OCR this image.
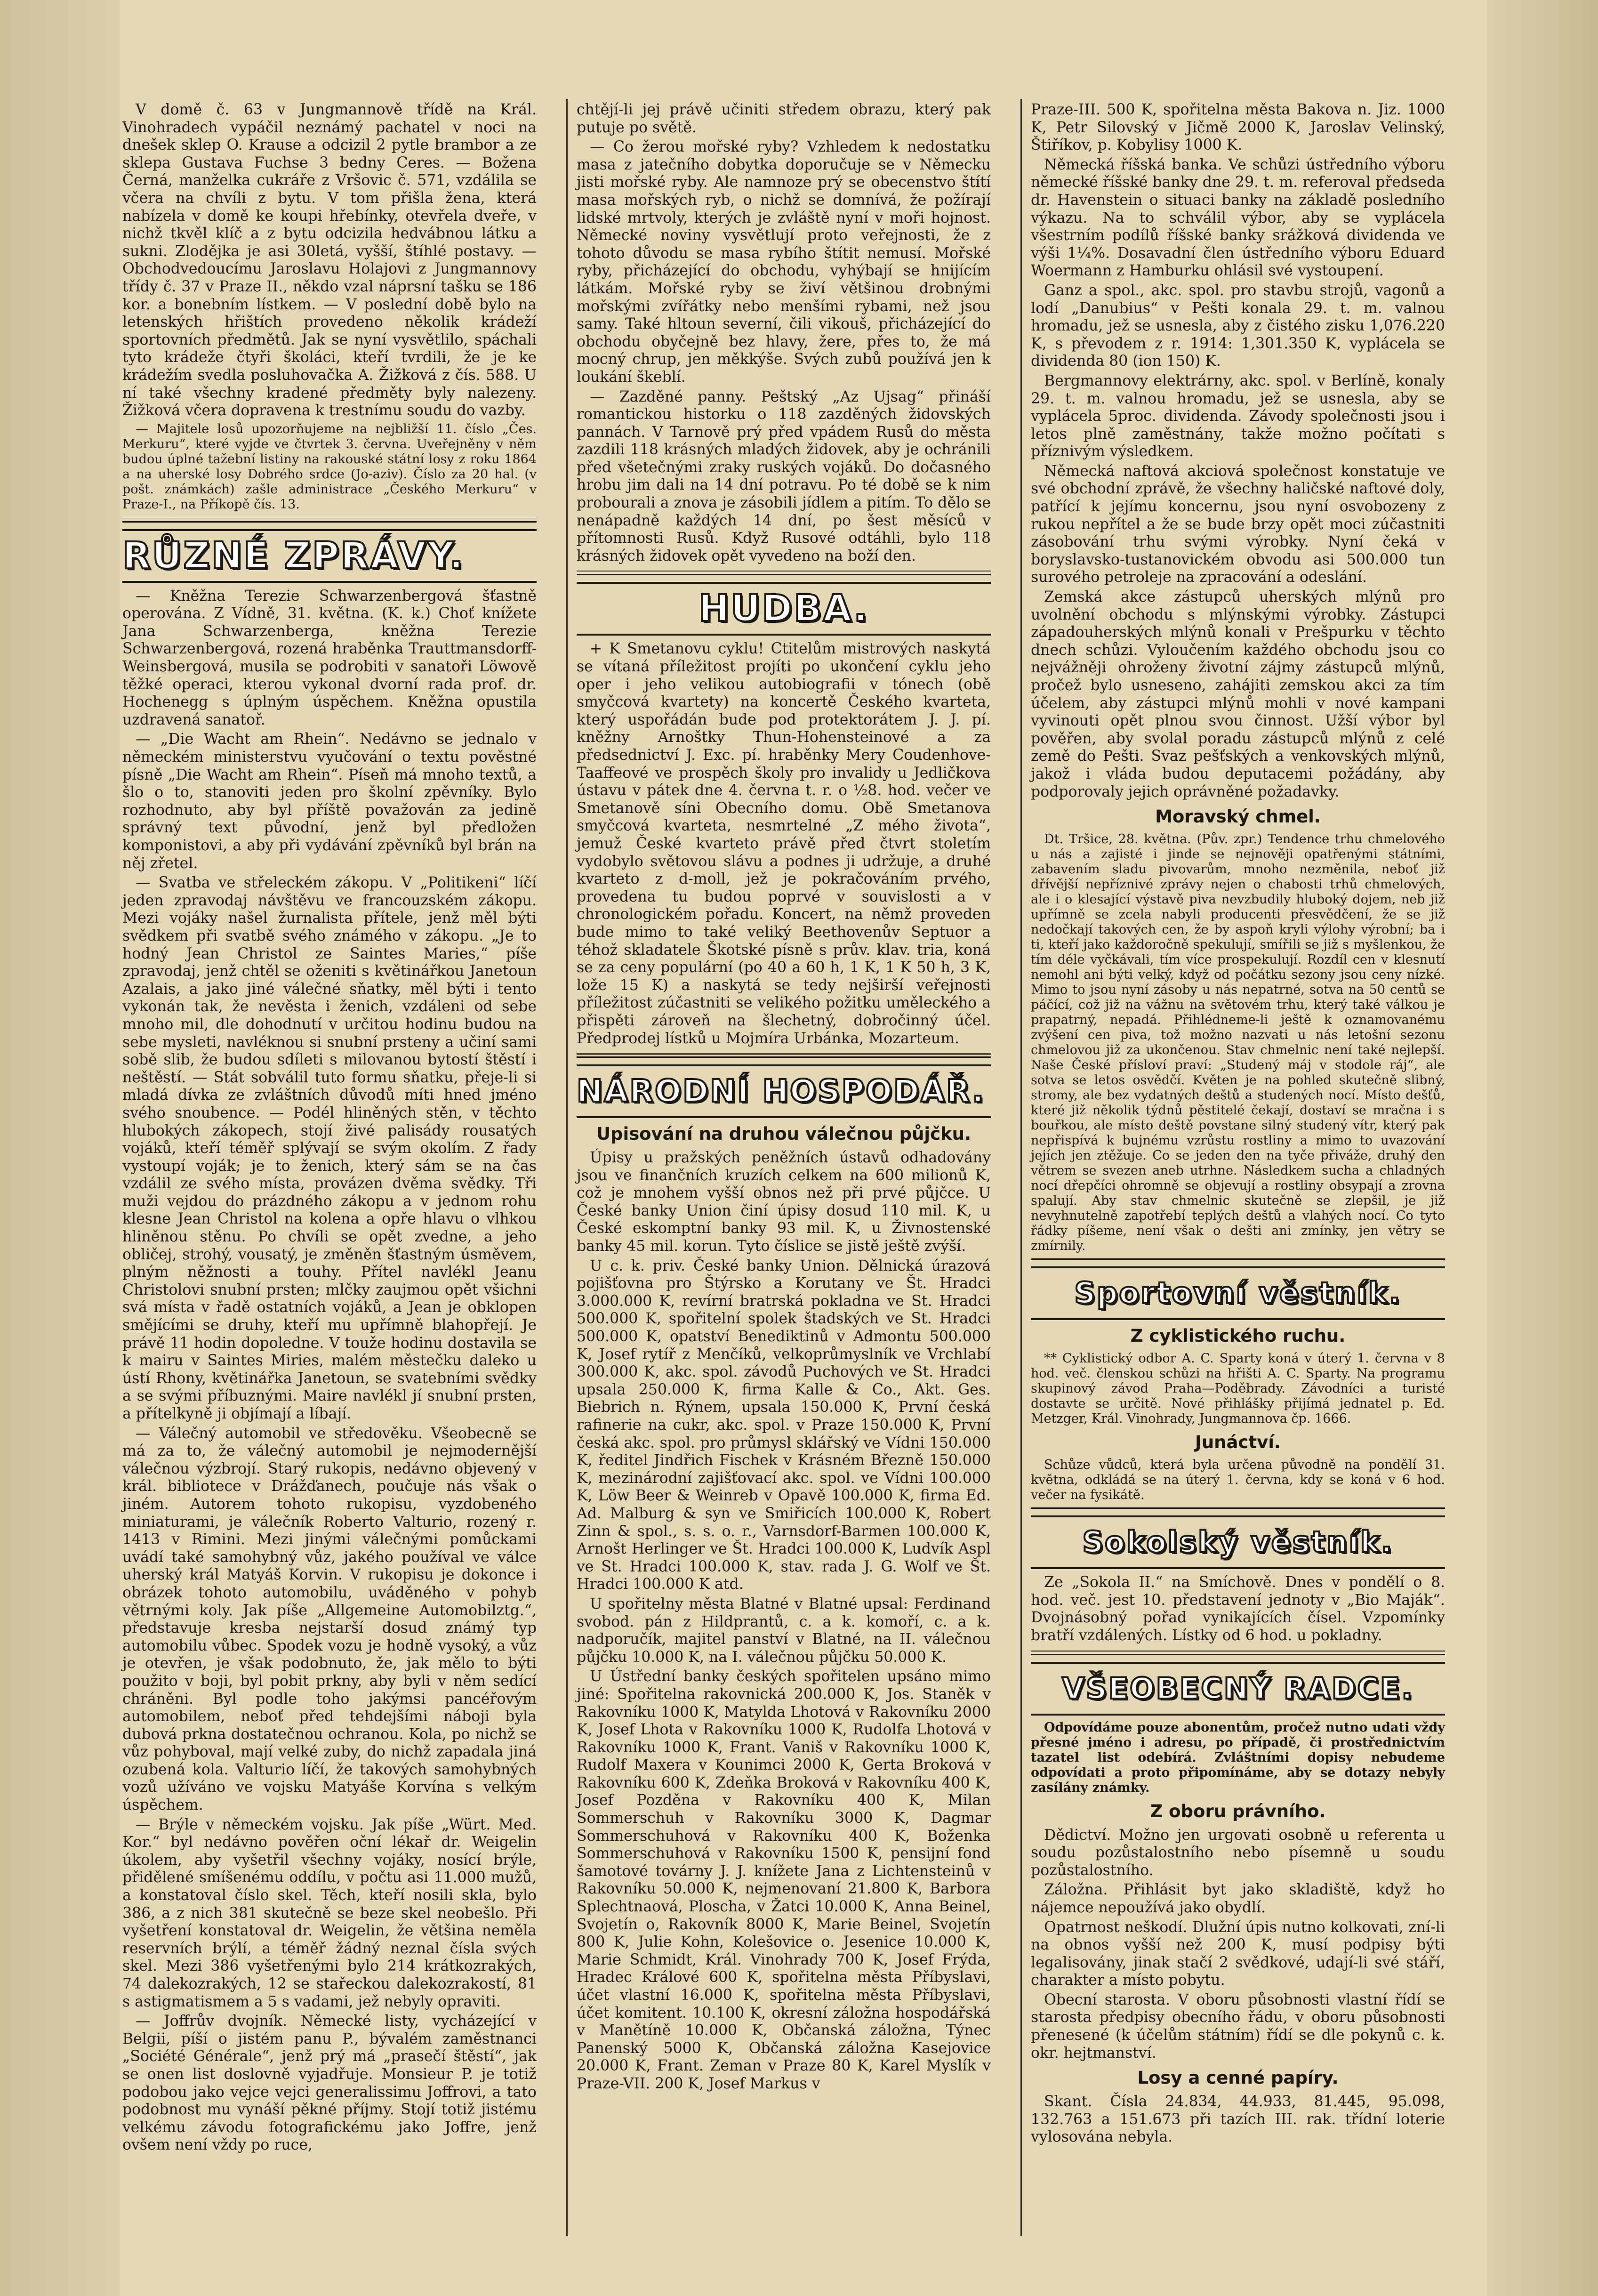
V domě č. 63 v Jungmannově třídě na Král. Vinohradech vypáčil neznámý pachatel v noci na dnešek sklep O. Krause a odcizil 2 pytle brambor a ze sklepa Gustava Fuchse 3 bedny Ceres. — Božena Černá, manželka cukráře z Vršovic č. 571, vzdálila se včera na chvíli z bytu. V tom přišla žena, která nabízela v domě ke koupi hřebínky, otevřela dveře, v nichž tkvěl klíč a z bytu odcizila hedvábnou látku a sukni. Zlodějka je asi 30letá, vyšší, štíhlé postavy. — Obchodvedoucímu Jaroslavu Holajovi z Jungmannovy třídy č. 37 v Praze II., někdo vzal náprsní tašku se 186 kor. a bonebním lístkem. — V poslední době bylo na letenských hřištích provedeno několik krádeží sportovních předmětů. Jak se nyní vysvětlilo, spáchali tyto krádeže čtyři školáci, kteří tvrdili, že je ke krádežím svedla posluhovačka A. Žižková z čís. 588. U ní také všechny kradené předměty byly nalezeny. Žižková včera dopravena k trestnímu soudu do vazby.

— Majitele losů upozorňujeme na nejbližší 11. číslo „Čes. Merkuru“, které vyjde ve čtvrtek 3. června. Uveřejněny v něm budou úplné tažební listiny na rakouské státní losy z roku 1864 a na uherské losy Dobrého srdce (Jo-aziv). Číslo za 20 hal. (v pošt. známkách) zašle administrace „Českého Merkuru“ v Praze-I., na Příkopě čís. 13.

RŮZNÉ ZPRÁVY.

— Kněžna Terezie Schwarzenbergová šťastně operována. Z Vídně, 31. května. (K. k.) Choť knížete Jana Schwarzenberga, kněžna Terezie Schwarzenbergová, rozená hraběnka Trauttmansdorff-Weinsbergová, musila se podrobiti v sanatoři Löwově těžké operaci, kterou vykonal dvorní rada prof. dr. Hochenegg s úplným úspěchem. Kněžna opustila uzdravená sanatoř.

— „Die Wacht am Rhein“. Nedávno se jednalo v německém ministerstvu vyučování o textu pověstné písně „Die Wacht am Rhein“. Píseň má mnoho textů, a šlo o to, stanoviti jeden pro školní zpěvníky. Bylo rozhodnuto, aby byl příště považován za jedině správný text původní, jenž byl předložen komponistovi, a aby při vydávání zpěvníků byl brán na něj zřetel.

— Svatba ve střeleckém zákopu. V „Politikeni“ líčí jeden zpravodaj návštěvu ve francouzském zákopu. Mezi vojáky našel žurnalista přítele, jenž měl býti svědkem při svatbě svého známého v zákopu. „Je to hodný Jean Christol ze Saintes Maries,“ píše zpravodaj, jenž chtěl se oženiti s květinářkou Janetoun Azalais, a jako jiné válečné sňatky, měl býti i tento vykonán tak, že nevěsta i ženich, vzdáleni od sebe mnoho mil, dle dohodnutí v určitou hodinu budou na sebe mysleti, navléknou si snubní prsteny a učiní sami sobě slib, že budou sdíleti s milovanou bytostí štěstí i neštěstí. — Stát sobválil tuto formu sňatku, přeje-li si mladá dívka ze zvláštních důvodů míti hned jméno svého snoubence. — Podél hliněných stěn, v těchto hlubokých zákopech, stojí živé palisády rousatých vojáků, kteří téměř splývají se svým okolím. Z řady vystoupí voják; je to ženich, který sám se na čas vzdálil ze svého místa, provázen dvěma svědky. Tři muži vejdou do prázdného zákopu a v jednom rohu klesne Jean Christol na kolena a opře hlavu o vlhkou hliněnou stěnu. Po chvíli se opět zvedne, a jeho obličej, strohý, vousatý, je změněn šťastným úsměvem, plným něžnosti a touhy. Přítel navlékl Jeanu Christolovi snubní prsten; mlčky zaujmou opět všichni svá místa v řadě ostatních vojáků, a Jean je obklopen smějícími se druhy, kteří mu upřímně blahopřejí. Je právě 11 hodin dopoledne. V touže hodinu dostavila se k mairu v Saintes Miries, malém městečku daleko u ústí Rhony, květinářka Janetoun, se svatebními svědky a se svými příbuznými. Maire navlékl jí snubní prsten, a přítelkyně ji objímají a líbají.

— Válečný automobil ve středověku. Všeobecně se má za to, že válečný automobil je nejmodernější válečnou výzbrojí. Starý rukopis, nedávno objevený v král. bibliotece v Drážďanech, poučuje nás však o jiném. Autorem tohoto rukopisu, vyzdobeného miniaturami, je válečník Roberto Valturio, rozený r. 1413 v Rimini. Mezi jinými válečnými pomůckami uvádí také samohybný vůz, jakého používal ve válce uherský král Matyáš Korvin. V rukopisu je dokonce i obrázek tohoto automobilu, uváděného v pohyb větrnými koly. Jak píše „Allgemeine Automobilztg.“, představuje kresba nejstarší dosud známý typ automobilu vůbec. Spodek vozu je hodně vysoký, a vůz je otevřen, je však podobnuto, že, jak mělo to býti použito v boji, byl pobit prkny, aby byli v něm sedící chráněni. Byl podle toho jakýmsi pancéřovým automobilem, neboť před tehdejšími náboji byla dubová prkna dostatečnou ochranou. Kola, po nichž se vůz pohyboval, mají velké zuby, do nichž zapadala jiná ozubená kola. Valturio líčí, že takových samohybných vozů užíváno ve vojsku Matyáše Korvína s velkým úspěchem.

— Brýle v německém vojsku. Jak píše „Würt. Med. Kor.“ byl nedávno pověřen oční lékař dr. Weigelin úkolem, aby vyšetřil všechny vojáky, nosící brýle, přidělené smíšenému oddílu, v počtu asi 11.000 mužů, a konstatoval číslo skel. Těch, kteří nosili skla, bylo 386, a z nich 381 skutečně se beze skel neobešlo. Při vyšetření konstatoval dr. Weigelin, že většina nemělа reservních brýlí, a téměř žádný neznal čísla svých skel. Mezi 386 vyšetřenými bylo 214 krátkozrakých, 74 dalekozrakých, 12 se stařeckou dalekozrakostí, 81 s astigmatismem a 5 s vadami, jež nebyly opraviti.

— Joffrův dvojník. Německé listy, vycházející v Belgii, píší o jistém panu P., bývalém zaměstnanci „Société Générale“, jenž prý má „prasečí štěstí“, jak se onen list doslovně vyjadřuje. Monsieur P. je totiž podobou jako vejce vejci generalissimu Joffrovi, a tato podobnost mu vynáší pěkné příjmy. Stojí totiž jistému velkému závodu fotografickému jako Joffre, jenž ovšem není vždy po ruce,

chtějí-li jej právě učiniti středem obrazu, který pak putuje po světě.

— Co žerou mořské ryby? Vzhledem k nedostatku masa z jatečního dobytka doporučuje se v Německu jisti mořské ryby. Ale namnoze prý se obecenstvo štítí masa mořských ryb, o nichž se domnívá, že požírají lidské mrtvoly, kterých je zvláště nyní v moři hojnost. Německé noviny vysvětlují proto veřejnosti, že z tohoto důvodu se masa rybího štítit nemusí. Mořské ryby, přicházející do obchodu, vyhýbají se hnijícím látkám. Mořské ryby se živí většinou drobnými mořskými zvířátky nebo menšími rybami, než jsou samy. Také hltoun severní, čili vikouš, přicházející do obchodu obyčejně bez hlavy, žere, přes to, že má mocný chrup, jen měkkýše. Svých zubů používá jen k loukání škeblí.

— Zazděné panny. Peštský „Az Ujsag“ přináší romantickou historku o 118 zazděných židovských pannách. V Tarnově prý před vpádem Rusů do města zazdili 118 krásných mladých židovek, aby je ochránili před všetečnými zraky ruských vojáků. Do dočasného hrobu jim dali na 14 dní potravu. Po té době se k nim probourali a znova je zásobili jídlem a pitím. To dělo se nenápadně každých 14 dní, po šest měsíců v přítomnosti Rusů. Když Rusové odtáhli, bylo 118 krásných židovek opět vyvedeno na boží den.

HUDBA.

+ K Smetanovu cyklu! Ctitelům mistrových naskytá se vítaná příležitost projíti po ukončení cyklu jeho oper i jeho velikou autobiografii v tónech (obě smyčcová kvartety) na koncertě Českého kvarteta, který uspořádán bude pod protektorátem J. J. pí. kněžny Arnoštky Thun-Hohensteinové a za předsednictví J. Exc. pí. hraběnky Mery Coudenhove-Taaffeové ve prospěch školy pro invalidy u Jedličkova ústavu v pátek dne 4. června t. r. o ½8. hod. večer ve Smetanově síni Obecního domu. Obě Smetanova smyčcová kvarteta, nesmrtelné „Z mého života“, jemuž České kvarteto právě před čtvrt stoletím vydobylo světovou slávu a podnes ji udržuje, a druhé kvarteto z d-moll, jež je pokračováním prvého, provedena tu budou poprvé v souvislosti a v chronologickém pořadu. Koncert, na němž proveden bude mimo to také veliký Beethovenův Septuor a téhož skladatele Škotské písně s prův. klav. tria, koná se za ceny populární (po 40 a 60 h, 1 K, 1 K 50 h, 3 K, lože 15 K) a naskytá se tedy nejširší veřejnosti příležitost zúčastniti se velikého požitku uměleckého a přispěti zároveň na šlechetný, dobročinný účel. Předprodej lístků u Mojmíra Urbánka, Mozarteum.

NÁRODNÍ HOSPODÁŘ.
Upisování na druhou válečnou půjčku.

Úpisy u pražských peněžních ústavů odhadovány jsou ve finančních kruzích celkem na 600 milionů K, což je mnohem vyšší obnos než při prvé půjčce. U České banky Union činí úpisy dosud 110 mil. K, u České eskomptní banky 93 mil. K, u Živnostenské banky 45 mil. korun. Tyto číslice se jistě ještě zvýší.

U c. k. priv. České banky Union. Dělnická úrazová pojišťovna pro Štýrsko a Korutany ve Št. Hradci 3.000.000 K, revírní bratrská pokladna ve St. Hradci 500.000 K, spořitelní spolek štadských ve St. Hradci 500.000 K, opatství Benediktinů v Admontu 500.000 K, Josef rytíř z Menčíků, velkoprůmyslník ve Vrchlabí 300.000 K, akc. spol. závodů Puchových ve St. Hradci upsala 250.000 K, firma Kalle & Co., Akt. Ges. Biebrich n. Rýnem, upsala 150.000 K, První česká rafinerie na cukr, akc. spol. v Praze 150.000 K, První česká akc. spol. pro průmysl sklářský ve Vídni 150.000 K, ředitel Jindřich Fischek v Krásném Březně 150.000 K, mezinárodní zajišťovací akc. spol. ve Vídni 100.000 K, Löw Beer & Weinreb v Opavě 100.000 K, firma Ed. Ad. Malburg & syn ve Smiřicích 100.000 K, Robert Zinn & spol., s. s. o. r., Varnsdorf-Barmen 100.000 K, Arnošt Herlinger ve Št. Hradci 100.000 K, Ludvík Aspl ve St. Hradci 100.000 K, stav. rada J. G. Wolf ve Št. Hradci 100.000 K atd.

U spořitelny města Blatné v Blatné upsal: Ferdinand svobod. pán z Hildprantů, c. a k. komoří, c. a k. nadporučík, majitel panství v Blatné, na II. válečnou půjčku 10.000 K, na I. válečnou půjčku 50.000 K.

U Ústřední banky českých spořitelen upsáno mimo jiné: Spořitelna rakovnická 200.000 K, Jos. Staněk v Rakovníku 1000 K, Matylda Lhotová v Rakovníku 2000 K, Josef Lhota v Rakovníku 1000 K, Rudolfa Lhotová v Rakovníku 1000 K, Frant. Vaniš v Rakovníku 1000 K, Rudolf Maxera v Kounimci 2000 K, Gerta Broková v Rakovníku 600 K, Zdeňka Broková v Rakovníku 400 K, Josef Pozděna v Rakovníku 400 K, Milan Sommerschuh v Rakovníku 3000 K, Dagmar Sommerschuhová v Rakovníku 400 K, Boženka Sommerschuhová v Rakovníku 1500 K, pensijní fond šamotové továrny J. J. knížete Jana z Lichtensteinů v Rakovníku 50.000 K, nejmenovaní 21.800 K, Barbora Splechtnaová, Ploscha, v Žatci 10.000 K, Anna Beinel, Svojetín o, Rakovník 8000 K, Marie Beinel, Svojetín 800 K, Julie Kohn, Kolešovice o. Jesenice 10.000 K, Marie Schmidt, Král. Vinohrady 700 K, Josef Frýda, Hradec Králové 600 K, spořitelna města Příbyslavi, účet vlastní 16.000 K, spořitelna města Příbyslavi, účet komitent. 10.100 K, okresní záložna hospodářská v Manětíně 10.000 K, Občanská záložna, Týnec Panenský 5000 K, Občanská záložna Kasejovice 20.000 K, Frant. Zeman v Praze 80 K, Karel Myslík v Praze-VII. 200 K, Josef Markus v

Praze-III. 500 K, spořitelna města Bakova n. Jiz. 1000 K, Petr Silovský v Jičmě 2000 K, Jaroslav Velinský, Štiříkov, p. Kobylisy 1000 K.

Německá říšská banka. Ve schůzi ústředního výboru německé říšské banky dne 29. t. m. referoval předseda dr. Havenstein o situaci banky na základě posledního výkazu. Na to schválil výbor, aby se vyplácela všestrním podílů říšské banky srážková dividenda ve výši 1¼%. Dosavadní člen ústředního výboru Eduard Woermann z Hamburku ohlásil své vystoupení.

Ganz a spol., akc. spol. pro stavbu strojů, vagonů a lodí „Danubius“ v Pešti konala 29. t. m. valnou hromadu, jež se usnesla, aby z čistého zisku 1,076.220 K, s převodem z r. 1914: 1,301.350 K, vyplácela se dividenda 80 (ion 150) K.

Bergmannovy elektrárny, akc. spol. v Berlíně, konaly 29. t. m. valnou hromadu, jež se usnesla, aby se vyplácela 5proc. dividenda. Závody společnosti jsou i letos plně zaměstnány, takže možno počítati s příznivým výsledkem.

Německá naftová akciová společnost konstatuje ve své obchodní zprávě, že všechny haličské naftové doly, patřící k jejímu koncernu, jsou nyní osvobozeny z rukou nepřítel a že se bude brzy opět moci zúčastniti zásobování trhu svými výrobky. Nyní čeká v boryslavsko-tustanovickém obvodu asi 500.000 tun surového petroleje na zpracování a odeslání.

Zemská akce zástupců uherských mlýnů pro uvolnění obchodu s mlýnskými výrobky. Zástupci západouherských mlýnů konali v Prešpurku v těchto dnech schůzi. Vyloučením každého obchodu jsou co nejvážněji ohroženy životní zájmy zástupců mlýnů, pročež bylo usneseno, zahájiti zemskou akci za tím účelem, aby zástupci mlýnů mohli v nové kampani vyvinouti opět plnou svou činnost. Užší výbor byl pověřen, aby svolal poradu zástupců mlýnů z celé země do Pešti. Svaz pešťských a venkovských mlýnů, jakož i vláda budou deputacemi požádány, aby podporovaly jejich oprávněné požadavky.

Moravský chmel.

Dt. Tršice, 28. května. (Pův. zpr.) Tendence trhu chmelového u nás a zajisté i jinde se nejnověji opatřenými státními, zabavením sladu pivovarům, mnoho nezměnila, neboť již dřívější nepříznivé zprávy nejen o chabosti trhů chmelových, ale i o klesající výstavě piva nevzbudily hluboký dojem, neb již upřímně se zcela nabyli producenti přesvědčení, že se již nedočkají takových cen, že by aspoň kryli výlohy výrobní; ba i ti, kteří jako každoročně spekulují, smířili se již s myšlenkou, že tím déle vyčkávali, tím více prospekulují. Rozdíl cen v klesnutí nemohl ani býti velký, když od počátku sezony jsou ceny nízké. Mimo to jsou nyní zásoby u nás nepatrné, sotva na 50 centů se páčící, což již na vážnu na světovém trhu, který také válkou je prapatrný, nepadá. Přihlédneme-li ještě k oznamovanému zvýšení cen piva, tož možno nazvati u nás letošní sezonu chmelovou již za ukončenou. Stav chmelnic není také nejlepší. Naše České přísloví praví: „Studený máj v stodole ráj“, ale sotva se letos osvědčí. Květen je na pohled skutečně slibný, stromy, ale bez vydatných deštů a studených nocí. Místo dešťů, které již několik týdnů pěstitelé čekají, dostaví se mračna i s bouřkou, ale místo deště povstane silný studený vítr, který pak nepřispívá k bujnému vzrůstu rostliny a mimo to uvazování jejích jen ztěžuje. Co se jeden den na tyče přiváže, druhý den větrem se svezen aneb utrhne. Následkem suchа a chladných nocí dřepčíci ohromně se objevují a rostliny obsypají a zrovna spalují. Aby stav chmelnic skutečně se zlepšil, je již nevyhnutelně zapotřebí teplých deštů a vlahých nocí. Co tyto řádky píšeme, není však o dešti ani zmínky, jen větry se zmírnily.

Sportovní věstník.
Z cyklistického ruchu.

** Cyklistický odbor A. C. Sparty koná v úterý 1. června v 8 hod. več. členskou schůzi na hřišti A. C. Sparty. Na programu skupinový závod Praha—Poděbrady. Závodníci a turisté dostavte se určitě. Nové přihlášky přijímá jednatel p. Ed. Metzger, Král. Vinohrady, Jungmannova čp. 1666.

Junáctví.

Schůze vůdců, která byla určena původně na pondělí 31. května, odkládá se na úterý 1. června, kdy se koná v 6 hod. večer na fysikátě.

Sokolský věstník.

Ze „Sokola II.“ na Smíchově. Dnes v pondělí o 8. hod. več. jest 10. představení jednoty v „Bio Maják“. Dvojnásobný pořad vynikajících čísel. Vzpomínky bratří vzdálených. Lístky od 6 hod. u pokladny.

VŠEOBECNÝ RADCE.

Odpovídáme pouze abonentům, pročež nutno udati vždy přesné jméno i adresu, po případě, či prostřednictvím tazatel list odebírá. Zvláštními dopisy nebudeme odpovídati a proto připomínáme, aby se dotazy nebyly zasílány známky.

Z oboru právního.

Dědictví. Možno jen urgovati osobně u referenta u soudu pozůstalostního nebo písemně u soudu pozůstalostního.

Záložna. Přihlásit byt jako skladiště, když ho nájemce nepoužívá jako obydlí.

Opatrnost neškodí. Dlužní úpis nutno kolkovati, zní-li na obnos vyšší než 200 K, musí podpisy býti legalisovány, jinak stačí 2 svědkové, udají-li své stáří, charakter a místo pobytu.

Obecní starosta. V oboru působnosti vlastní řídí se starosta předpisy obecního řádu, v oboru působnosti přenesené (k účelům státním) řídí se dle pokynů c. k. okr. hejtmanství.

Losy a cenné papíry.

Skant. Čísla 24.834, 44.933, 81.445, 95.098, 132.763 a 151.673 při tazích III. rak. třídní loterie vylosována nebyla.
